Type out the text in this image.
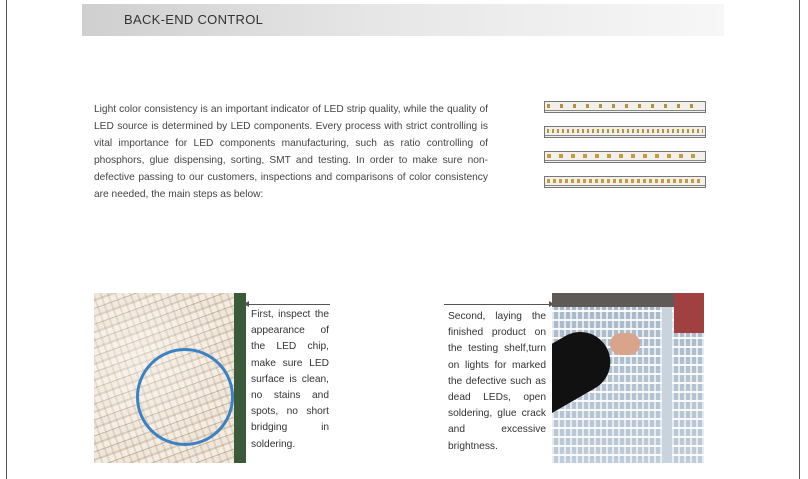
BACK-END CONTROL
Light color consistency is an important indicator of LED strip quality, while the quality of LED source is determined by LED components. Every process with strict controlling is vital importance for LED components manufacturing, such as ratio controlling of phosphors, glue dispensing, sorting, SMT and testing. In order to make sure non-defective passing to our customers, inspections and comparisons of color consistency are needed, the main steps as below:
First, inspect the appearance of the LED chip, make sure LED surface is clean, no stains and spots, no short bridging in soldering.
Second, laying the finished product on the testing shelf,turn on lights for marked the defective such as dead LEDs, open soldering, glue crack and excessive brightness.
